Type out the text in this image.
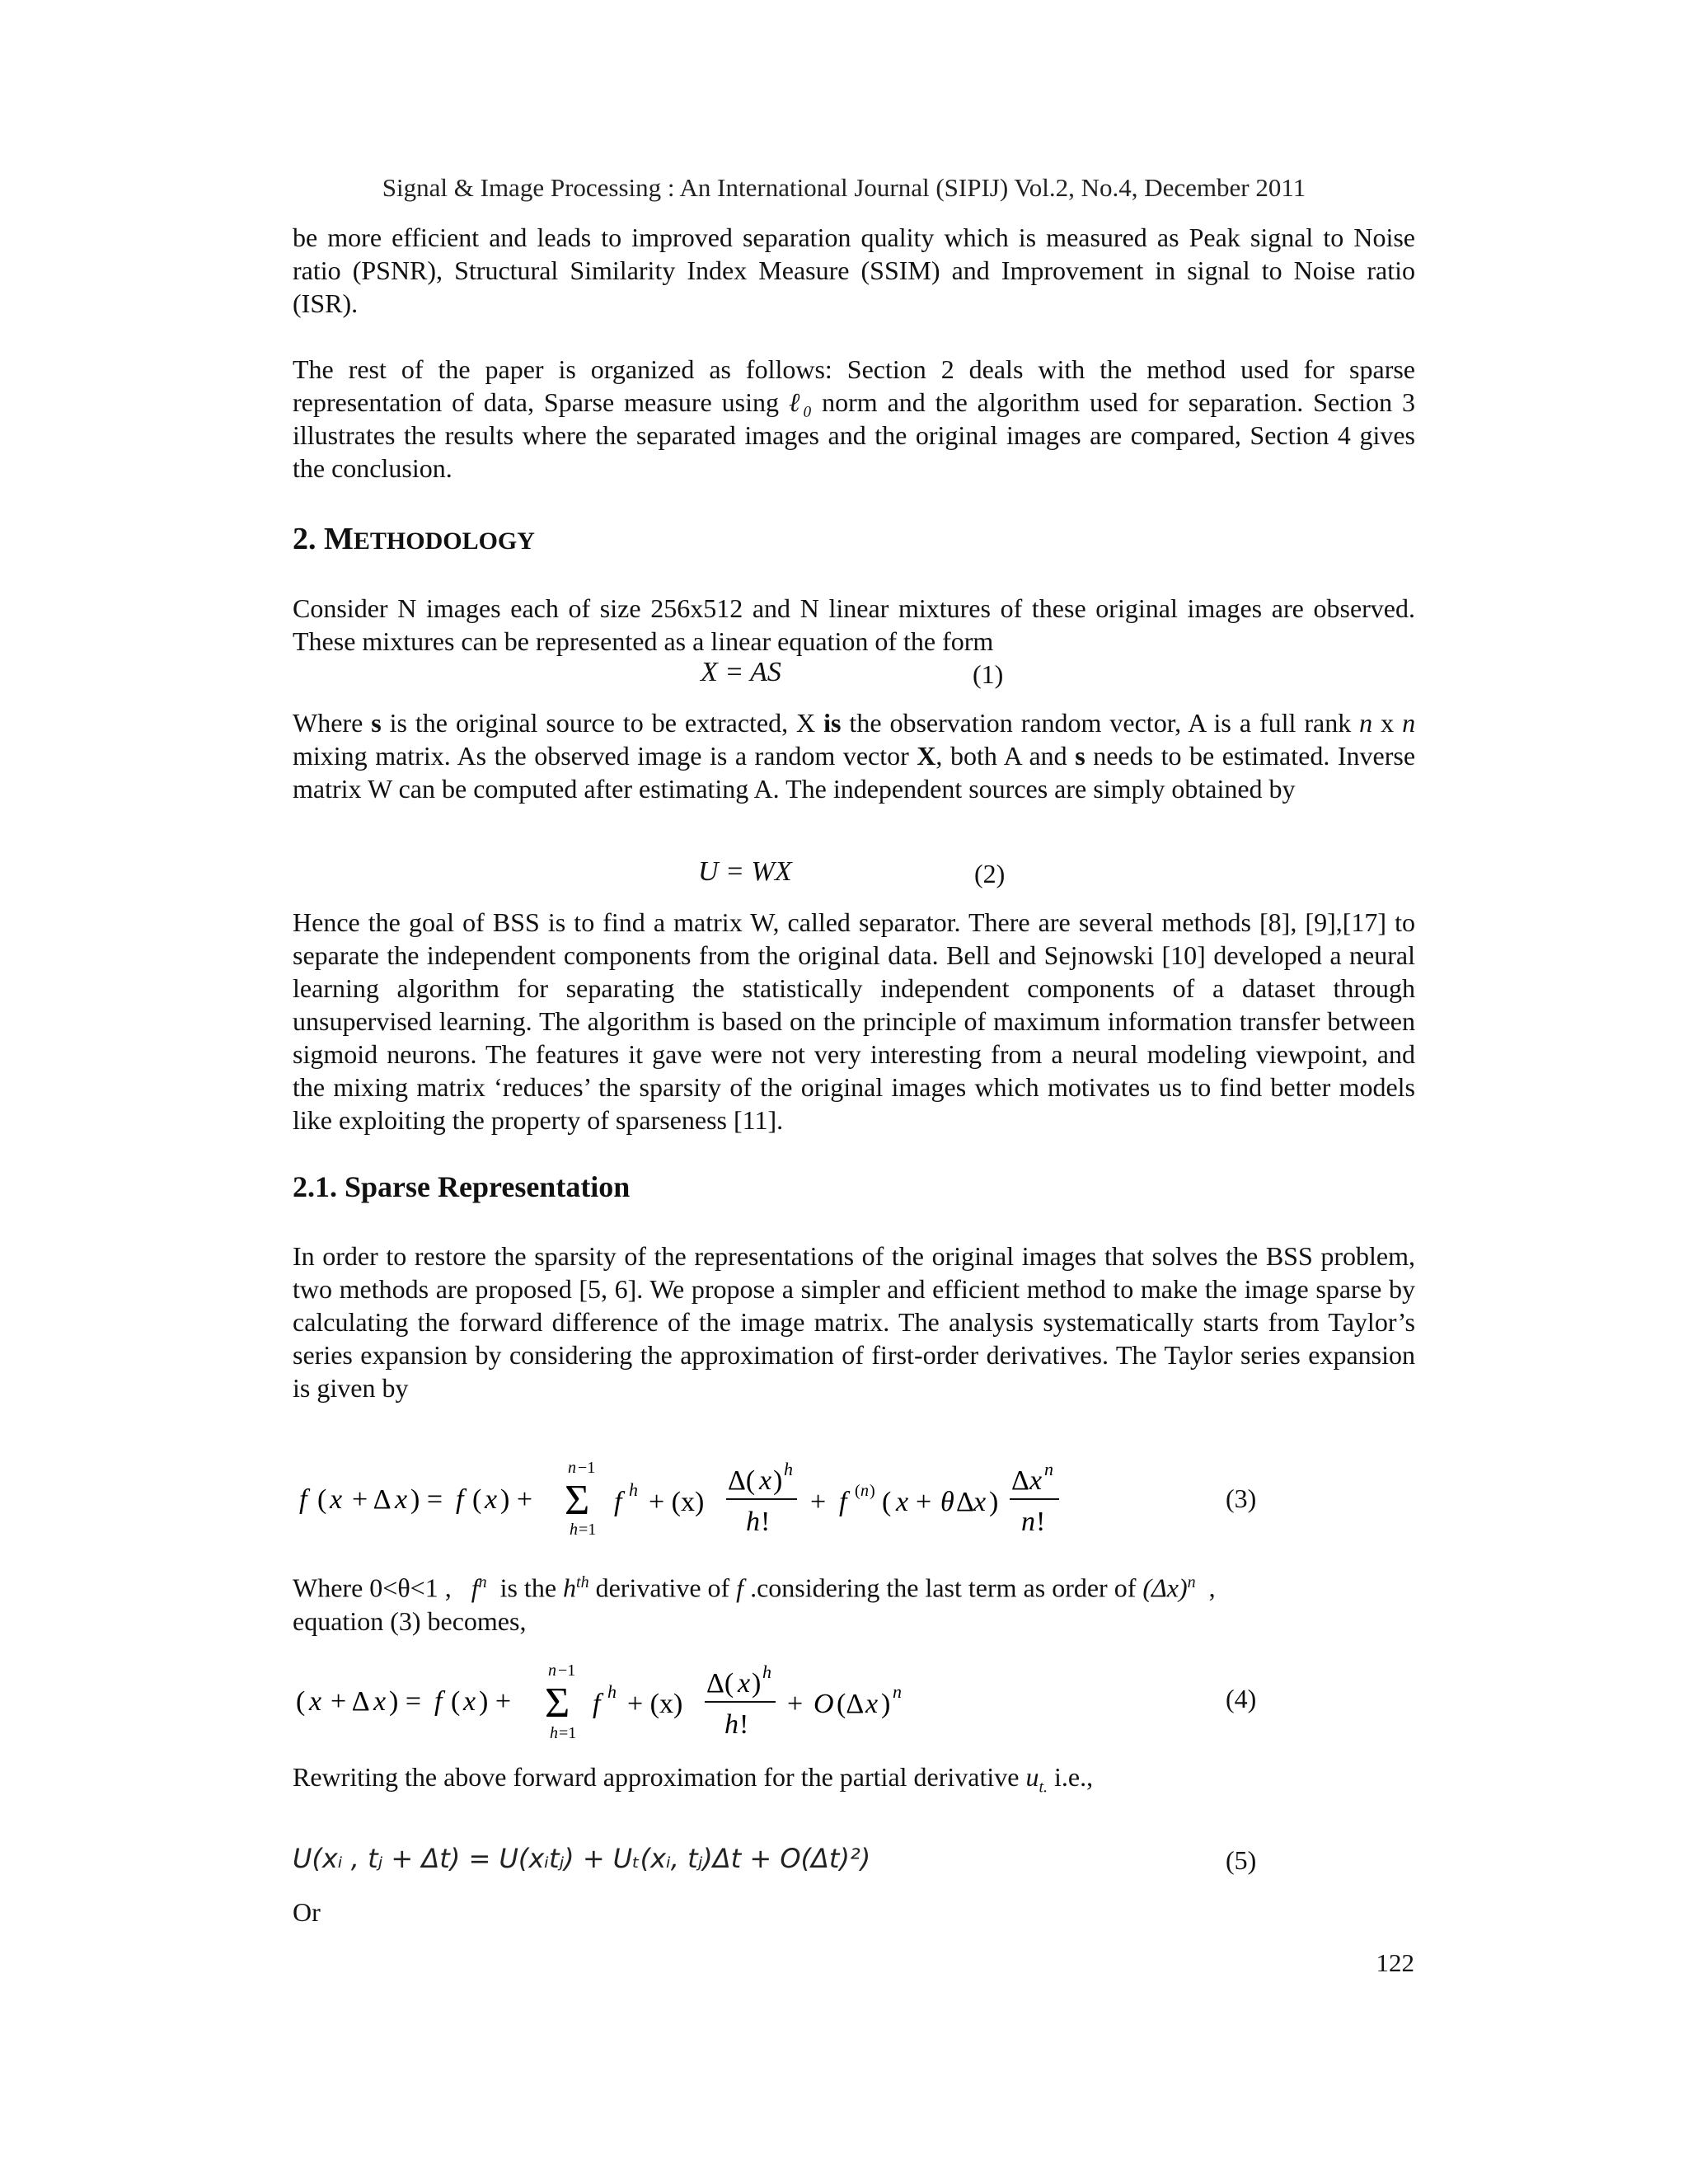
Signal & Image Processing : An International Journal (SIPIJ) Vol.2, No.4, December 2011

be more efficient and leads to improved separation quality which is measured as Peak signal to Noise ratio (PSNR), Structural Similarity Index Measure (SSIM) and Improvement in signal to Noise ratio (ISR).

The rest of the paper is organized as follows: Section 2 deals with the method used for sparse representation of data, Sparse measure using ℓ₀ norm and the algorithm used for separation. Section 3 illustrates the results where the separated images and the original images are compared, Section 4 gives the conclusion.

2. METHODOLOGY

Consider N images each of size 256x512 and N linear mixtures of these original images are observed. These mixtures can be represented as a linear equation of the form

X = AS	(1)

Where s is the original source to be extracted, X is the observation random vector, A is a full rank n x n mixing matrix. As the observed image is a random vector X, both A and s needs to be estimated. Inverse matrix W can be computed after estimating A. The independent sources are simply obtained by

U = WX	(2)

Hence the goal of BSS is to find a matrix W, called separator. There are several methods [8], [9],[17] to separate the independent components from the original data. Bell and Sejnowski [10] developed a neural learning algorithm for separating the statistically independent components of a dataset through unsupervised learning. The algorithm is based on the principle of maximum information transfer between sigmoid neurons. The features it gave were not very interesting from a neural modeling viewpoint, and the mixing matrix ‘reduces’ the sparsity of the original images which motivates us to find better models like exploiting the property of sparseness [11].

2.1. Sparse Representation

In order to restore the sparsity of the representations of the original images that solves the BSS problem, two methods are proposed [5, 6]. We propose a simpler and efficient method to make the image sparse by calculating the forward difference of the image matrix. The analysis systematically starts from Taylor’s series expansion by considering the approximation of first-order derivatives. The Taylor series expansion is given by

f ( x + Δ x ) = f ( x ) +
n −1
Σ
h =1
f h + (x)
Δ( x ) h
h !
+ f ( n ) ( x + θ Δ x )
Δ x n
n !
(3)

Where 0<θ<1 , $f^n$ is the $h^{th}$ derivative of f .considering the last term as order of $(\Delta x)^n$ ,
equation (3) becomes,

( x + Δ x ) = f ( x ) +
n −1
Σ
h =1
f h + (x)
Δ( x ) h
h !
+ O (Δ x ) n	(4)

Rewriting the above forward approximation for the partial derivative $u_{t.}$ i.e.,

U(xᵢ , tⱼ + Δt) = U(xᵢtⱼ) + Uₜ(xᵢ, tⱼ)Δt + O(Δt)²)	(5)
Or
122
